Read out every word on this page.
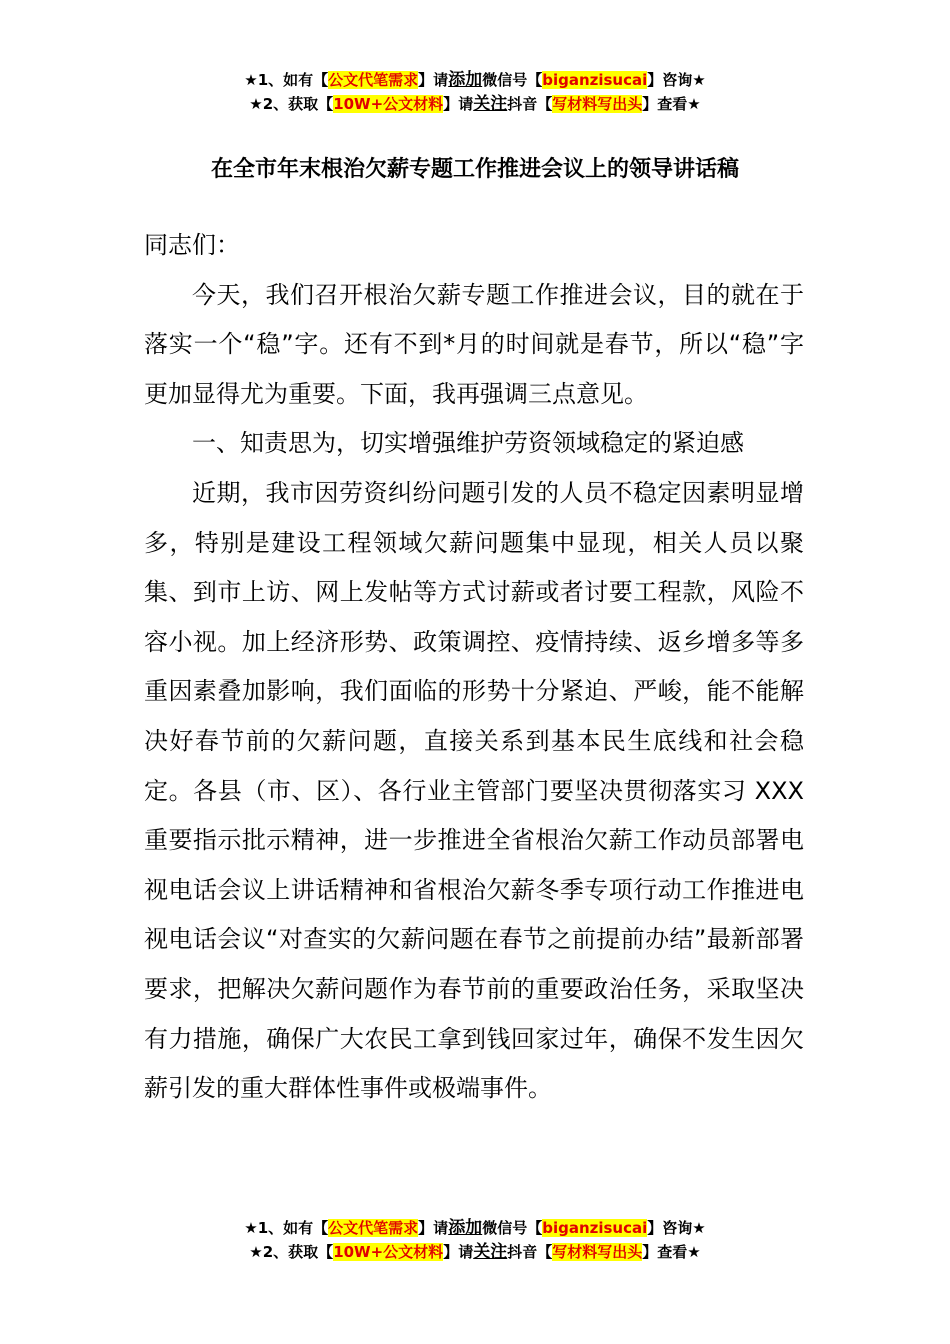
★1、如有【公文代笔需求】请添加微信号【biganzisucai】咨询★
★2、获取【10W+公文材料】请关注抖音【写材料写出头】查看★
在全市年末根治欠薪专题工作推进会议上的领导讲话稿

同志们：

今天，我们召开根治欠薪专题工作推进会议，目的就在于落实一个“稳”字。还有不到*月的时间就是春节，所以“稳”字更加显得尤为重要。下面，我再强调三点意见。

一、知责思为，切实增强维护劳资领域稳定的紧迫感

近期，我市因劳资纠纷问题引发的人员不稳定因素明显增多，特别是建设工程领域欠薪问题集中显现，相关人员以聚集、到市上访、网上发帖等方式讨薪或者讨要工程款，风险不容小视。加上经济形势、政策调控、疫情持续、返乡增多等多重因素叠加影响，我们面临的形势十分紧迫、严峻，能不能解决好春节前的欠薪问题，直接关系到基本民生底线和社会稳定。各县（市、区）、各行业主管部门要坚决贯彻落实习 XXX 重要指示批示精神，进一步推进全省根治欠薪工作动员部署电视电话会议上讲话精神和省根治欠薪冬季专项行动工作推进电视电话会议“对查实的欠薪问题在春节之前提前办结”最新部署要求，把解决欠薪问题作为春节前的重要政治任务，采取坚决有力措施，确保广大农民工拿到钱回家过年，确保不发生因欠薪引发的重大群体性事件或极端事件。

★1、如有【公文代笔需求】请添加微信号【biganzisucai】咨询★
★2、获取【10W+公文材料】请关注抖音【写材料写出头】查看★
